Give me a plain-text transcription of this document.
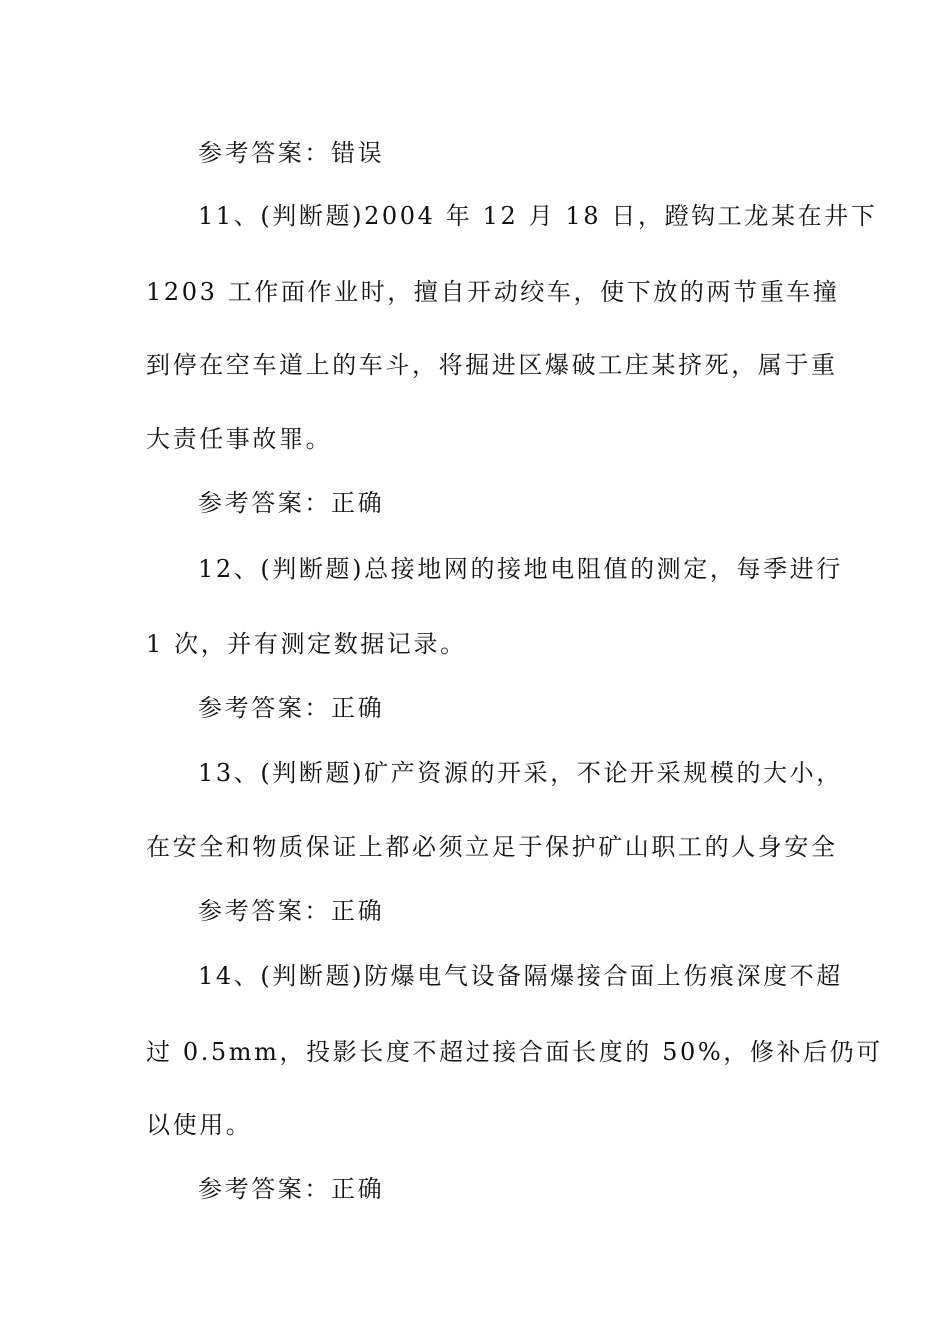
参考答案：错误
11、(判断题)2004 年 12 月 18 日，蹬钩工龙某在井下
1203 工作面作业时，擅自开动绞车，使下放的两节重车撞
到停在空车道上的车斗，将掘进区爆破工庄某挤死，属于重
大责任事故罪。
参考答案：正确
12、(判断题)总接地网的接地电阻值的测定，每季进行
1 次，并有测定数据记录。
参考答案：正确
13、(判断题)矿产资源的开采，不论开采规模的大小，
在安全和物质保证上都必须立足于保护矿山职工的人身安全
参考答案：正确
14、(判断题)防爆电气设备隔爆接合面上伤痕深度不超
过 0.5mm，投影长度不超过接合面长度的 50%，修补后仍可
以使用。
参考答案：正确
